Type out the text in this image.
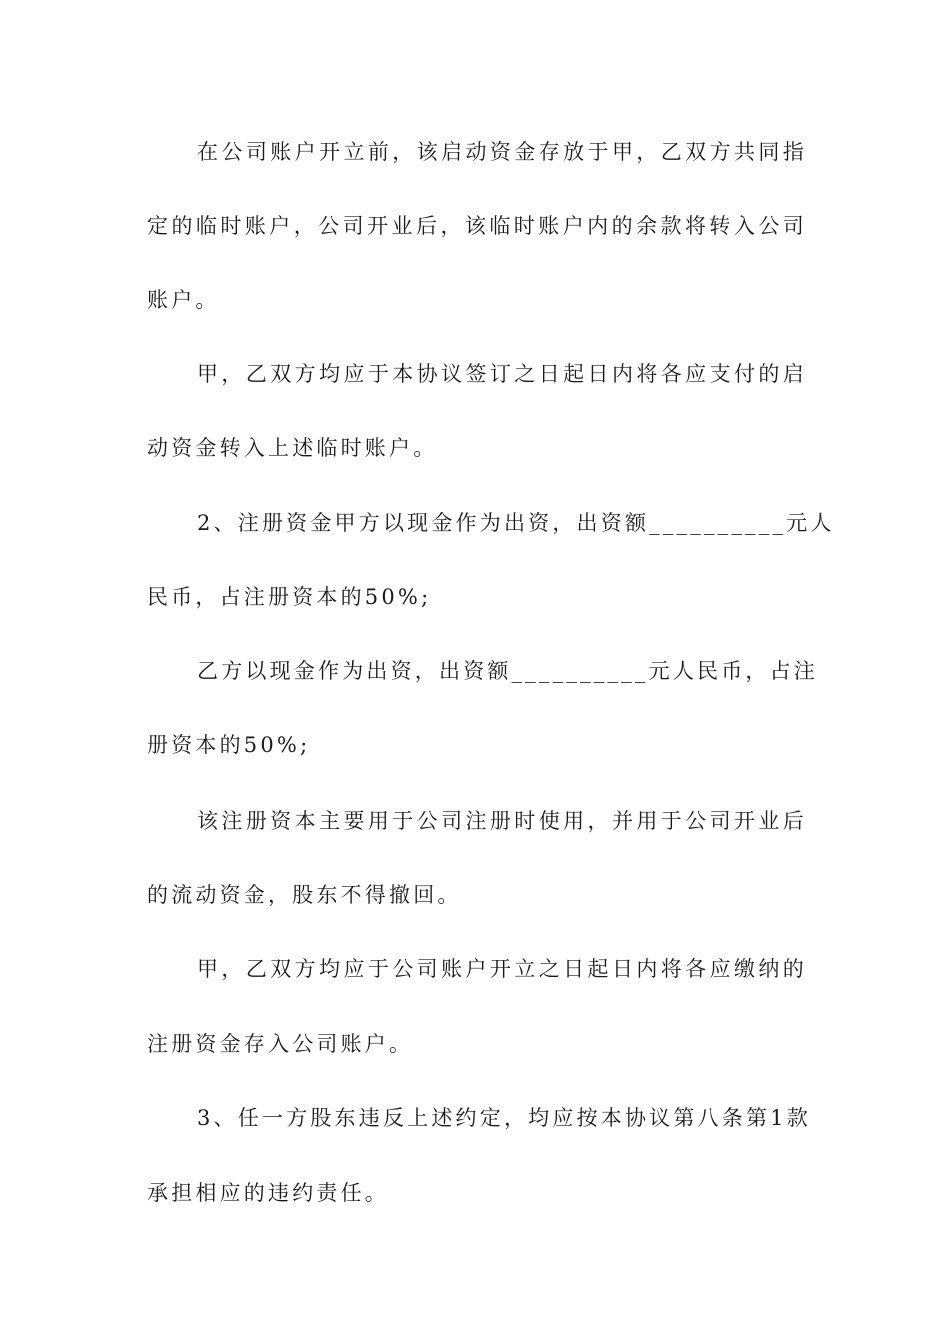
在公司账户开立前，该启动资金存放于甲，乙双方共同指
定的临时账户，公司开业后，该临时账户内的余款将转入公司
账户。
甲，乙双方均应于本协议签订之日起日内将各应支付的启
动资金转入上述临时账户。
2、注册资金甲方以现金作为出资，出资额__________元人
民币，占注册资本的50%;
乙方以现金作为出资，出资额__________元人民币，占注
册资本的50%;
该注册资本主要用于公司注册时使用，并用于公司开业后
的流动资金，股东不得撤回。
甲，乙双方均应于公司账户开立之日起日内将各应缴纳的
注册资金存入公司账户。
3、任一方股东违反上述约定，均应按本协议第八条第1款
承担相应的违约责任。
